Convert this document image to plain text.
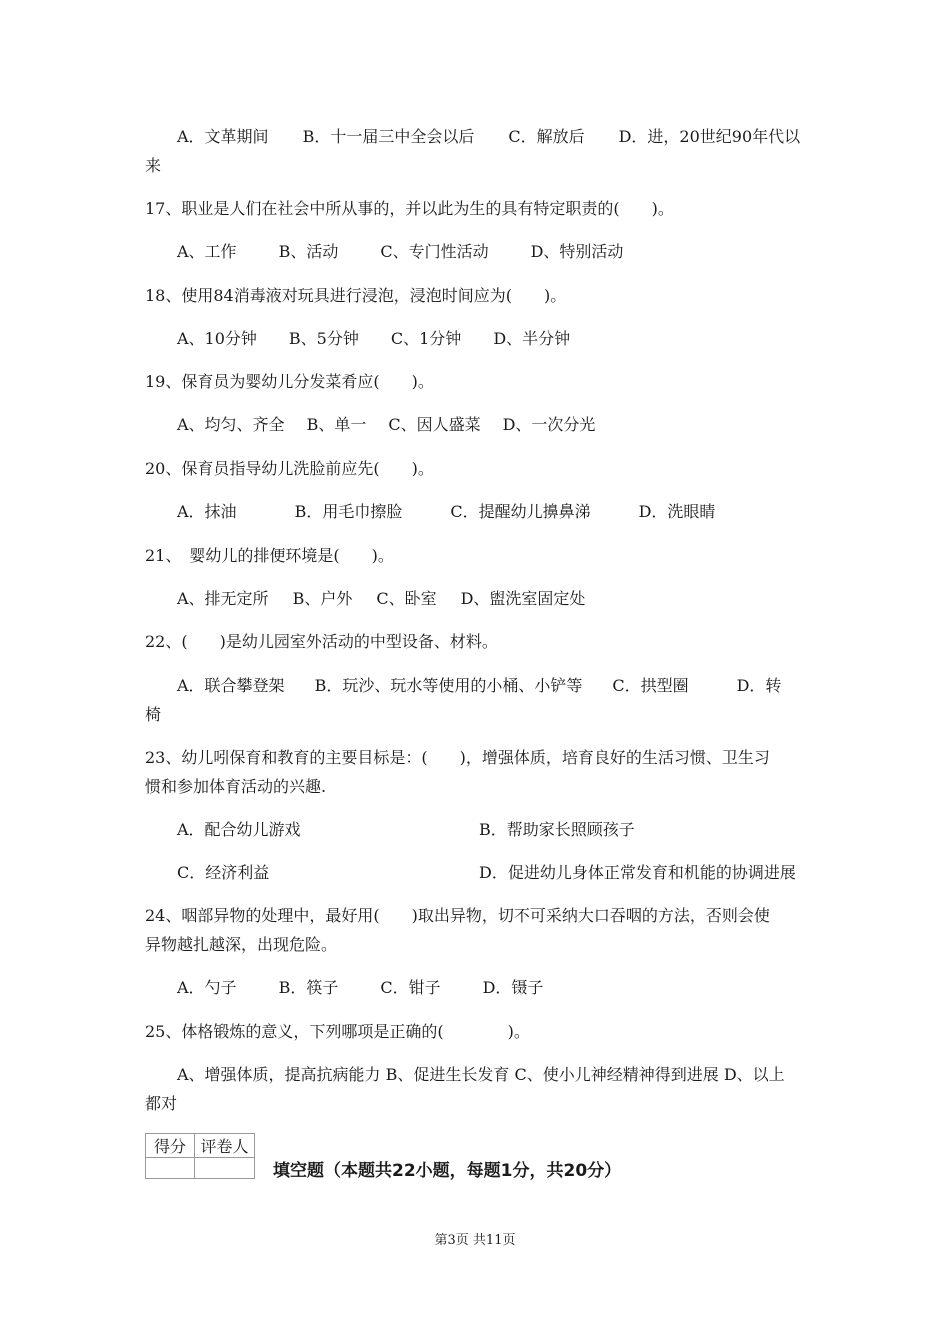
A．文革期间 B．十一届三中全会以后 C．解放后 D．进，20世纪90年代以
来
17、职业是人们在社会中所从事的，并以此为生的具有特定职责的(　　)。
A、工作	B、活动	C、专门性活动	D、特别活动
18、使用84消毒液对玩具进行浸泡，浸泡时间应为(　　)。
A、10分钟 B、5分钟 C、1分钟 D、半分钟
19、保育员为婴幼儿分发菜肴应(　　)。
A、均匀、齐全 B、单一 C、因人盛菜 D、一次分光
20、保育员指导幼儿洗脸前应先(　　)。
A．抹油	B．用毛巾擦脸	C．提醒幼儿擤鼻涕	D．洗眼睛
21、　婴幼儿的排便环境是(　　)。
A、排无定所 B、户外 C、卧室 D、盥洗室固定处
22、(　　)是幼儿园室外活动的中型设备、材料。
A．联合攀登架 B．玩沙、玩水等使用的小桶、小铲等 C．拱型圈	D．转
椅
23、幼儿吲保育和教育的主要目标是：(　　)，增强体质，培育良好的生活习惯、卫生习
惯和参加体育活动的兴趣.
A．配合幼儿游戏	B．帮助家长照顾孩子
C．经济利益	D．促进幼儿身体正常发育和机能的协调进展
24、咽部异物的处理中，最好用(　　)取出异物，切不可采纳大口吞咽的方法，否则会使
异物越扎越深，出现危险。
A．勺子	B．筷子	C．钳子	D．镊子
25、体格锻炼的意义，下列哪项是正确的(　　　　)。
A、增强体质，提高抗病能力 B、促进生长发育 C、使小儿神经精神得到进展 D、以上
都对
得分	评卷人

填空题（本题共22小题，每题1分，共20分）
第3页 共11页
